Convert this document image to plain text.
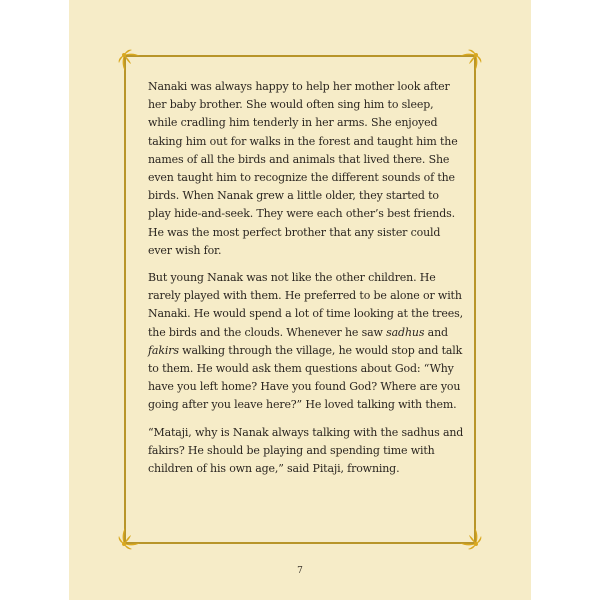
Nanaki was always happy to help her mother look after her baby brother. She would often sing him to sleep, while cradling him tenderly in her arms. She enjoyed taking him out for walks in the forest and taught him the names of all the birds and animals that lived there. She even taught him to recognize the different sounds of the birds. When Nanak grew a little older, they started to play hide-and-seek. They were each other’s best friends. He was the most perfect brother that any sister could ever wish for.

But young Nanak was not like the other children. He rarely played with them. He preferred to be alone or with Nanaki. He would spend a lot of time looking at the trees, the birds and the clouds. Whenever he saw sadhus and fakirs walking through the village, he would stop and talk to them. He would ask them questions about God: “Why have you left home? Have you found God? Where are you going after you leave here?” He loved talking with them.

“Mataji, why is Nanak always talking with the sadhus and fakirs? He should be playing and spending time with children of his own age,” said Pitaji, frowning.

7
